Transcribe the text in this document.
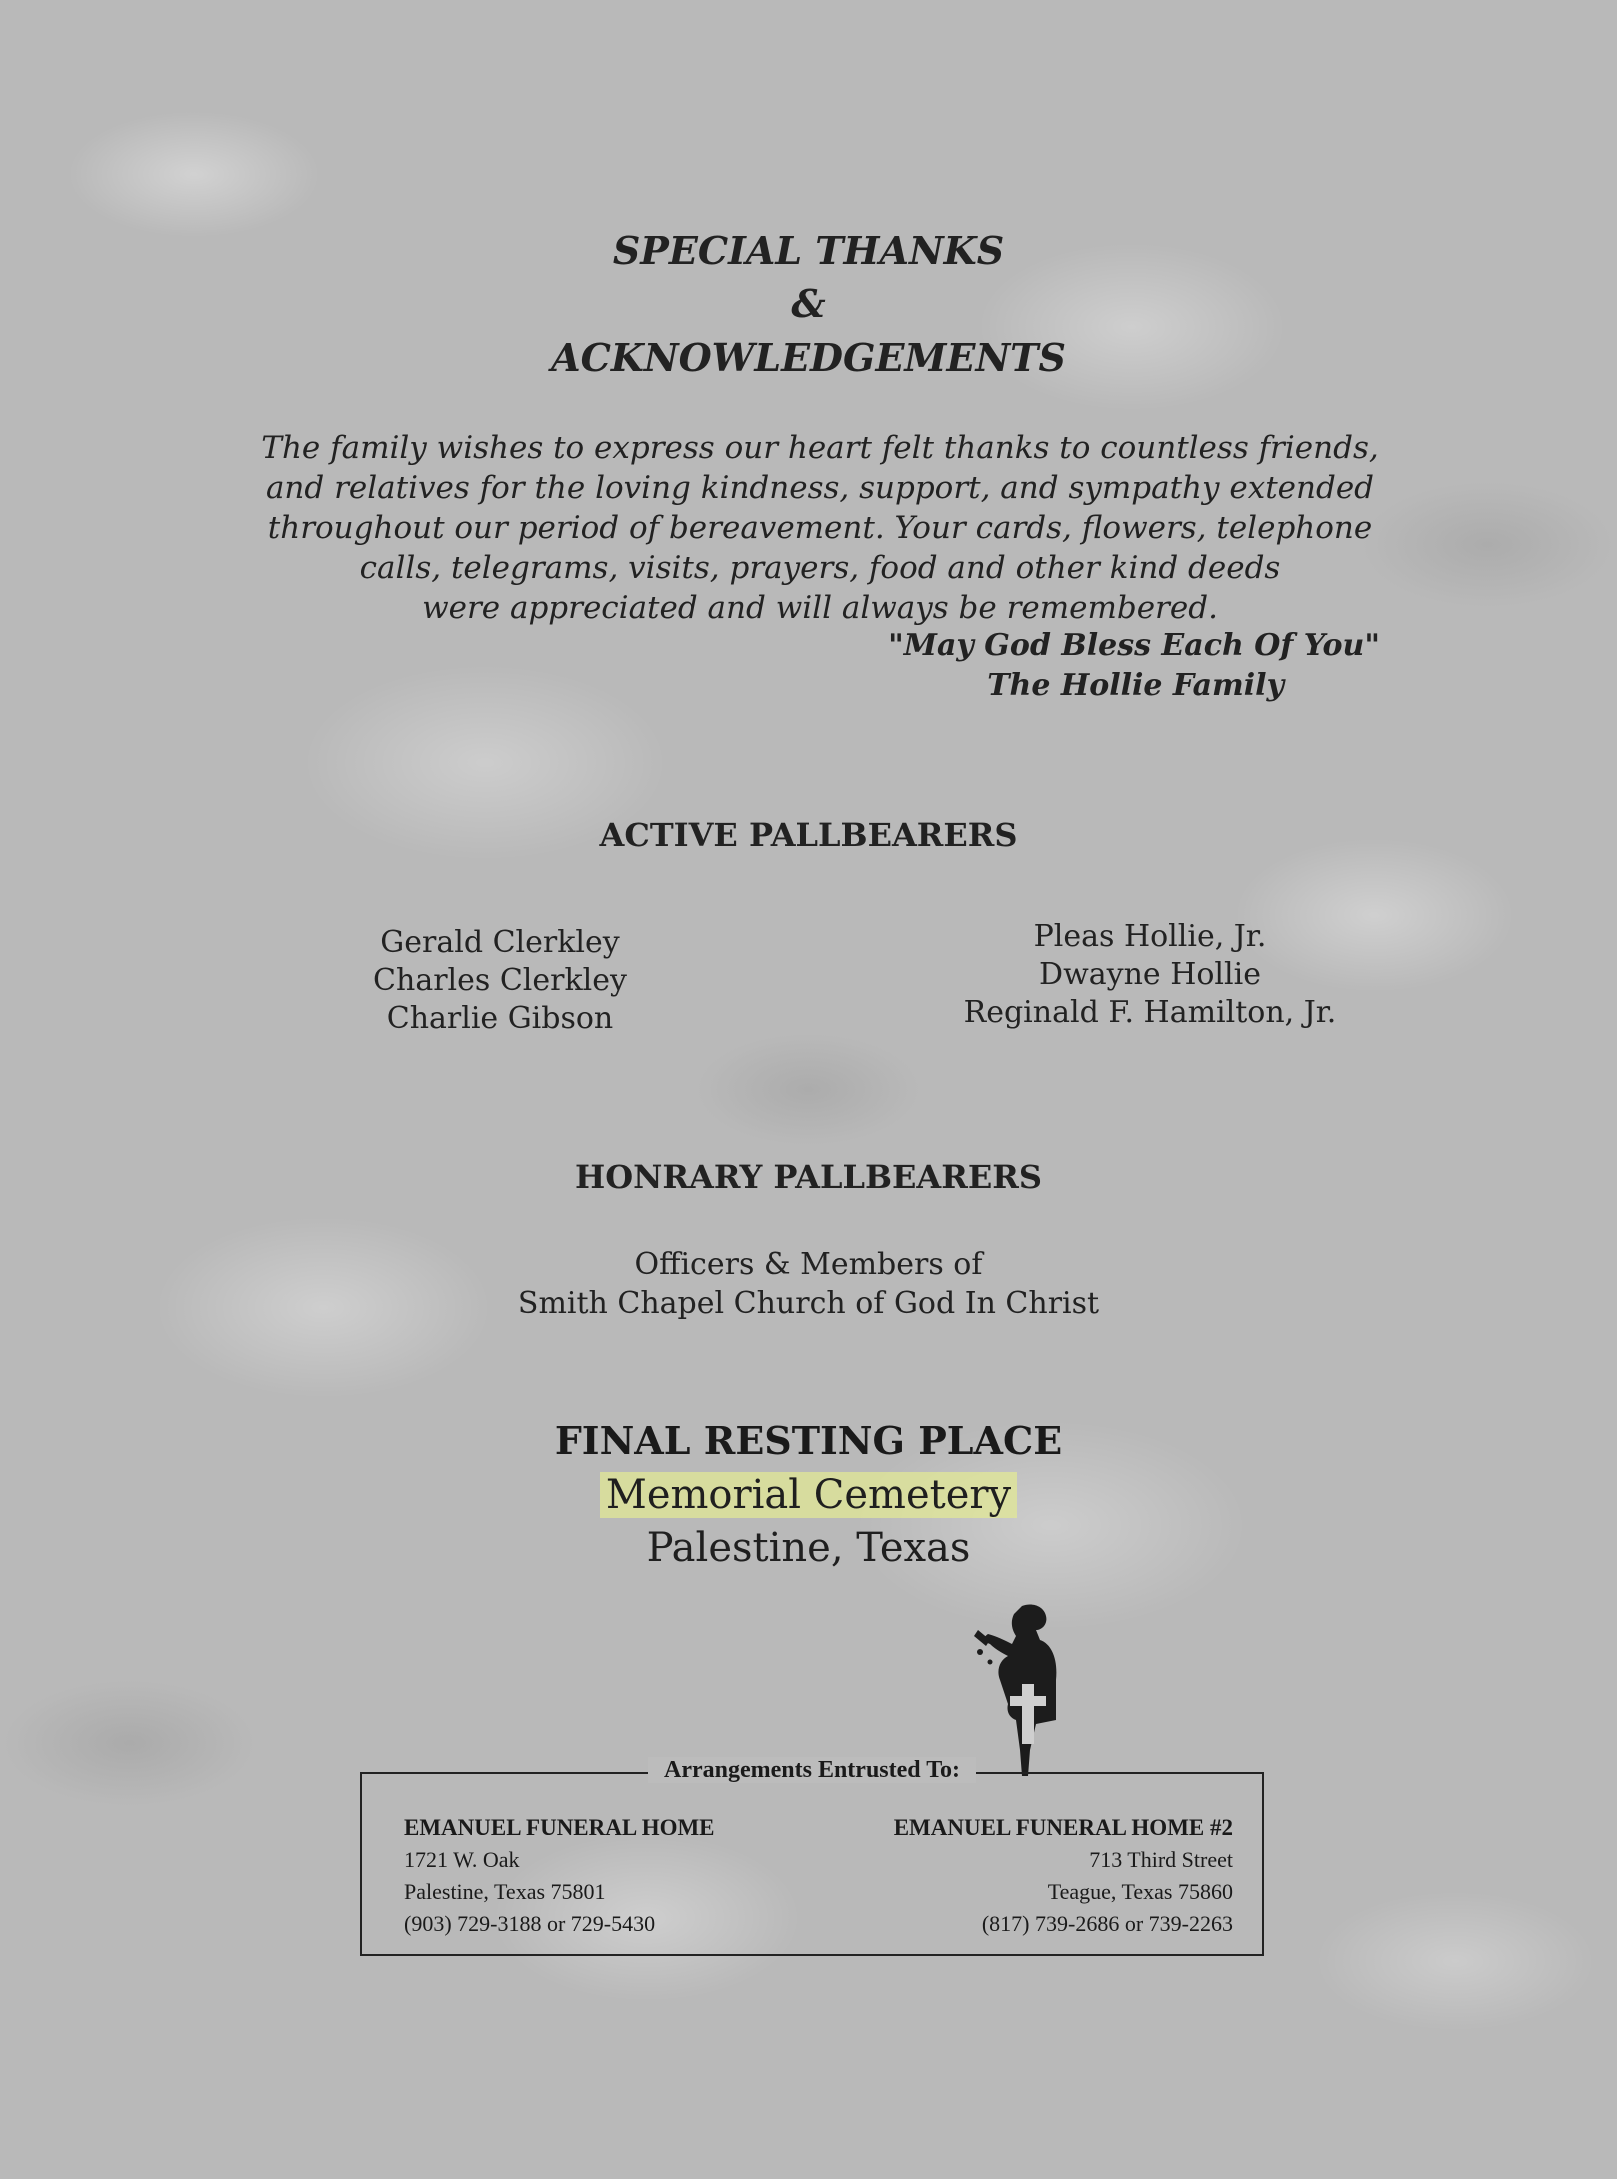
SPECIAL THANKS
&
ACKNOWLEDGEMENTS
The family wishes to express our heart felt thanks to countless friends,
and relatives for the loving kindness, support, and sympathy extended
throughout our period of bereavement. Your cards, flowers, telephone
calls, telegrams, visits, prayers, food and other kind deeds
were appreciated and will always be remembered.
"May God Bless Each Of You"
The Hollie Family
ACTIVE PALLBEARERS
Gerald Clerkley
Charles Clerkley
Charlie Gibson
Pleas Hollie, Jr.
Dwayne Hollie
Reginald F. Hamilton, Jr.
HONRARY PALLBEARERS
Officers & Members of
Smith Chapel Church of God In Christ
FINAL RESTING PLACE
Memorial Cemetery
Palestine, Texas
Arrangements Entrusted To:
EMANUEL FUNERAL HOME
1721 W. Oak
Palestine, Texas 75801
(903) 729-3188 or 729-5430
EMANUEL FUNERAL HOME #2
713 Third Street
Teague, Texas 75860
(817) 739-2686 or 739-2263
